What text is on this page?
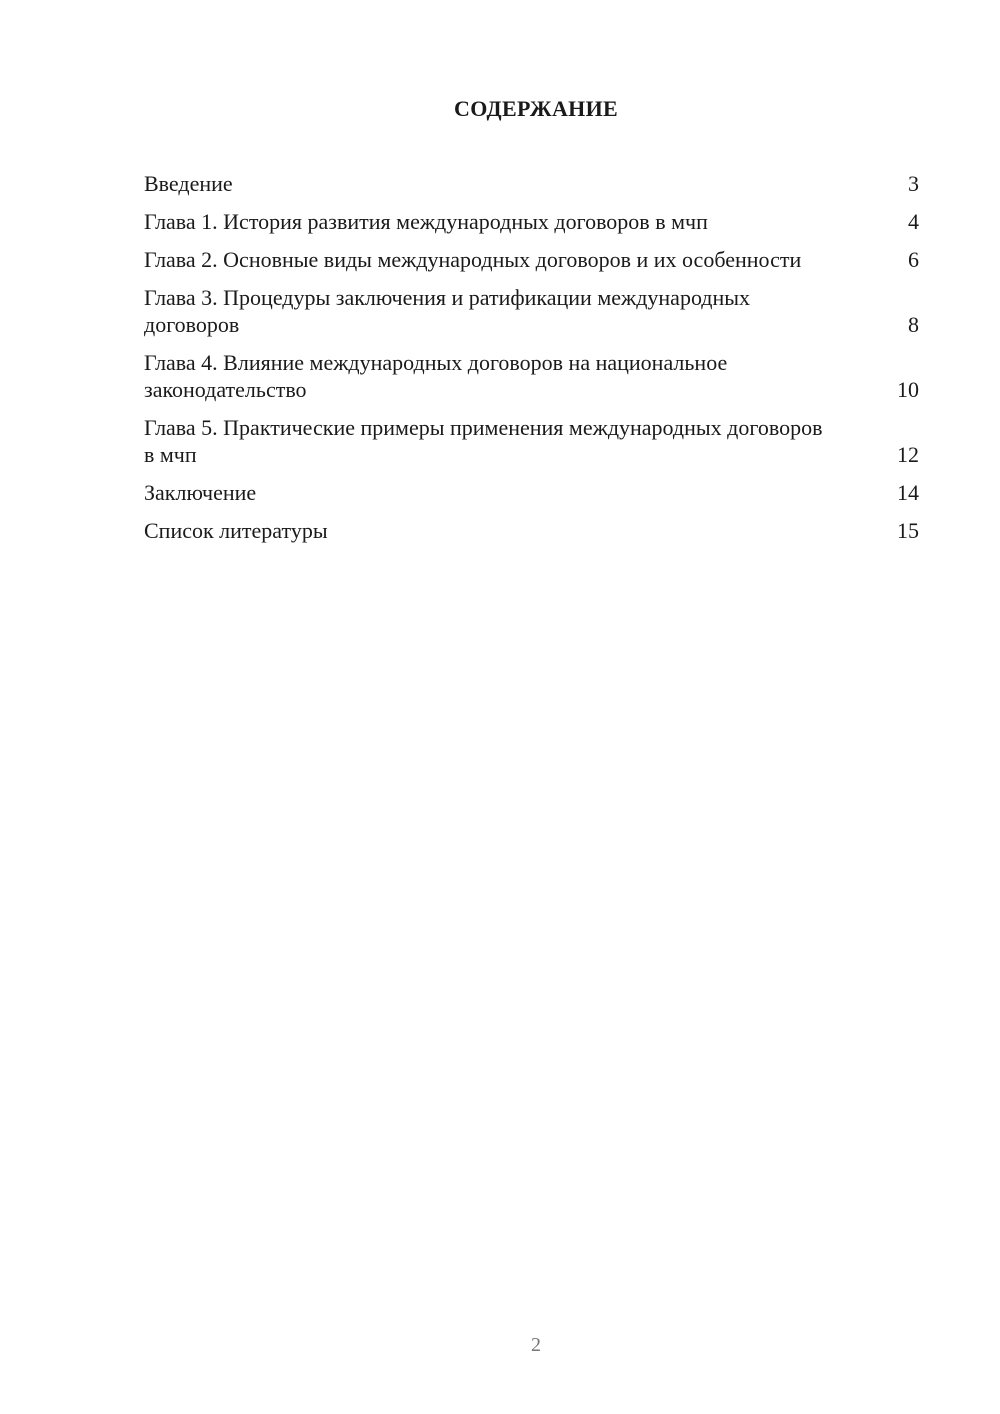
СОДЕРЖАНИЕ
Введение	3
Глава 1. История развития международных договоров в мчп	4
Глава 2. Основные виды международных договоров и их особенности	6
Глава 3. Процедуры заключения и ратификации международных договоров	8
Глава 4. Влияние международных договоров на национальное законодательство	10
Глава 5. Практические примеры применения международных договоров в мчп	12
Заключение	14
Список литературы	15
2
